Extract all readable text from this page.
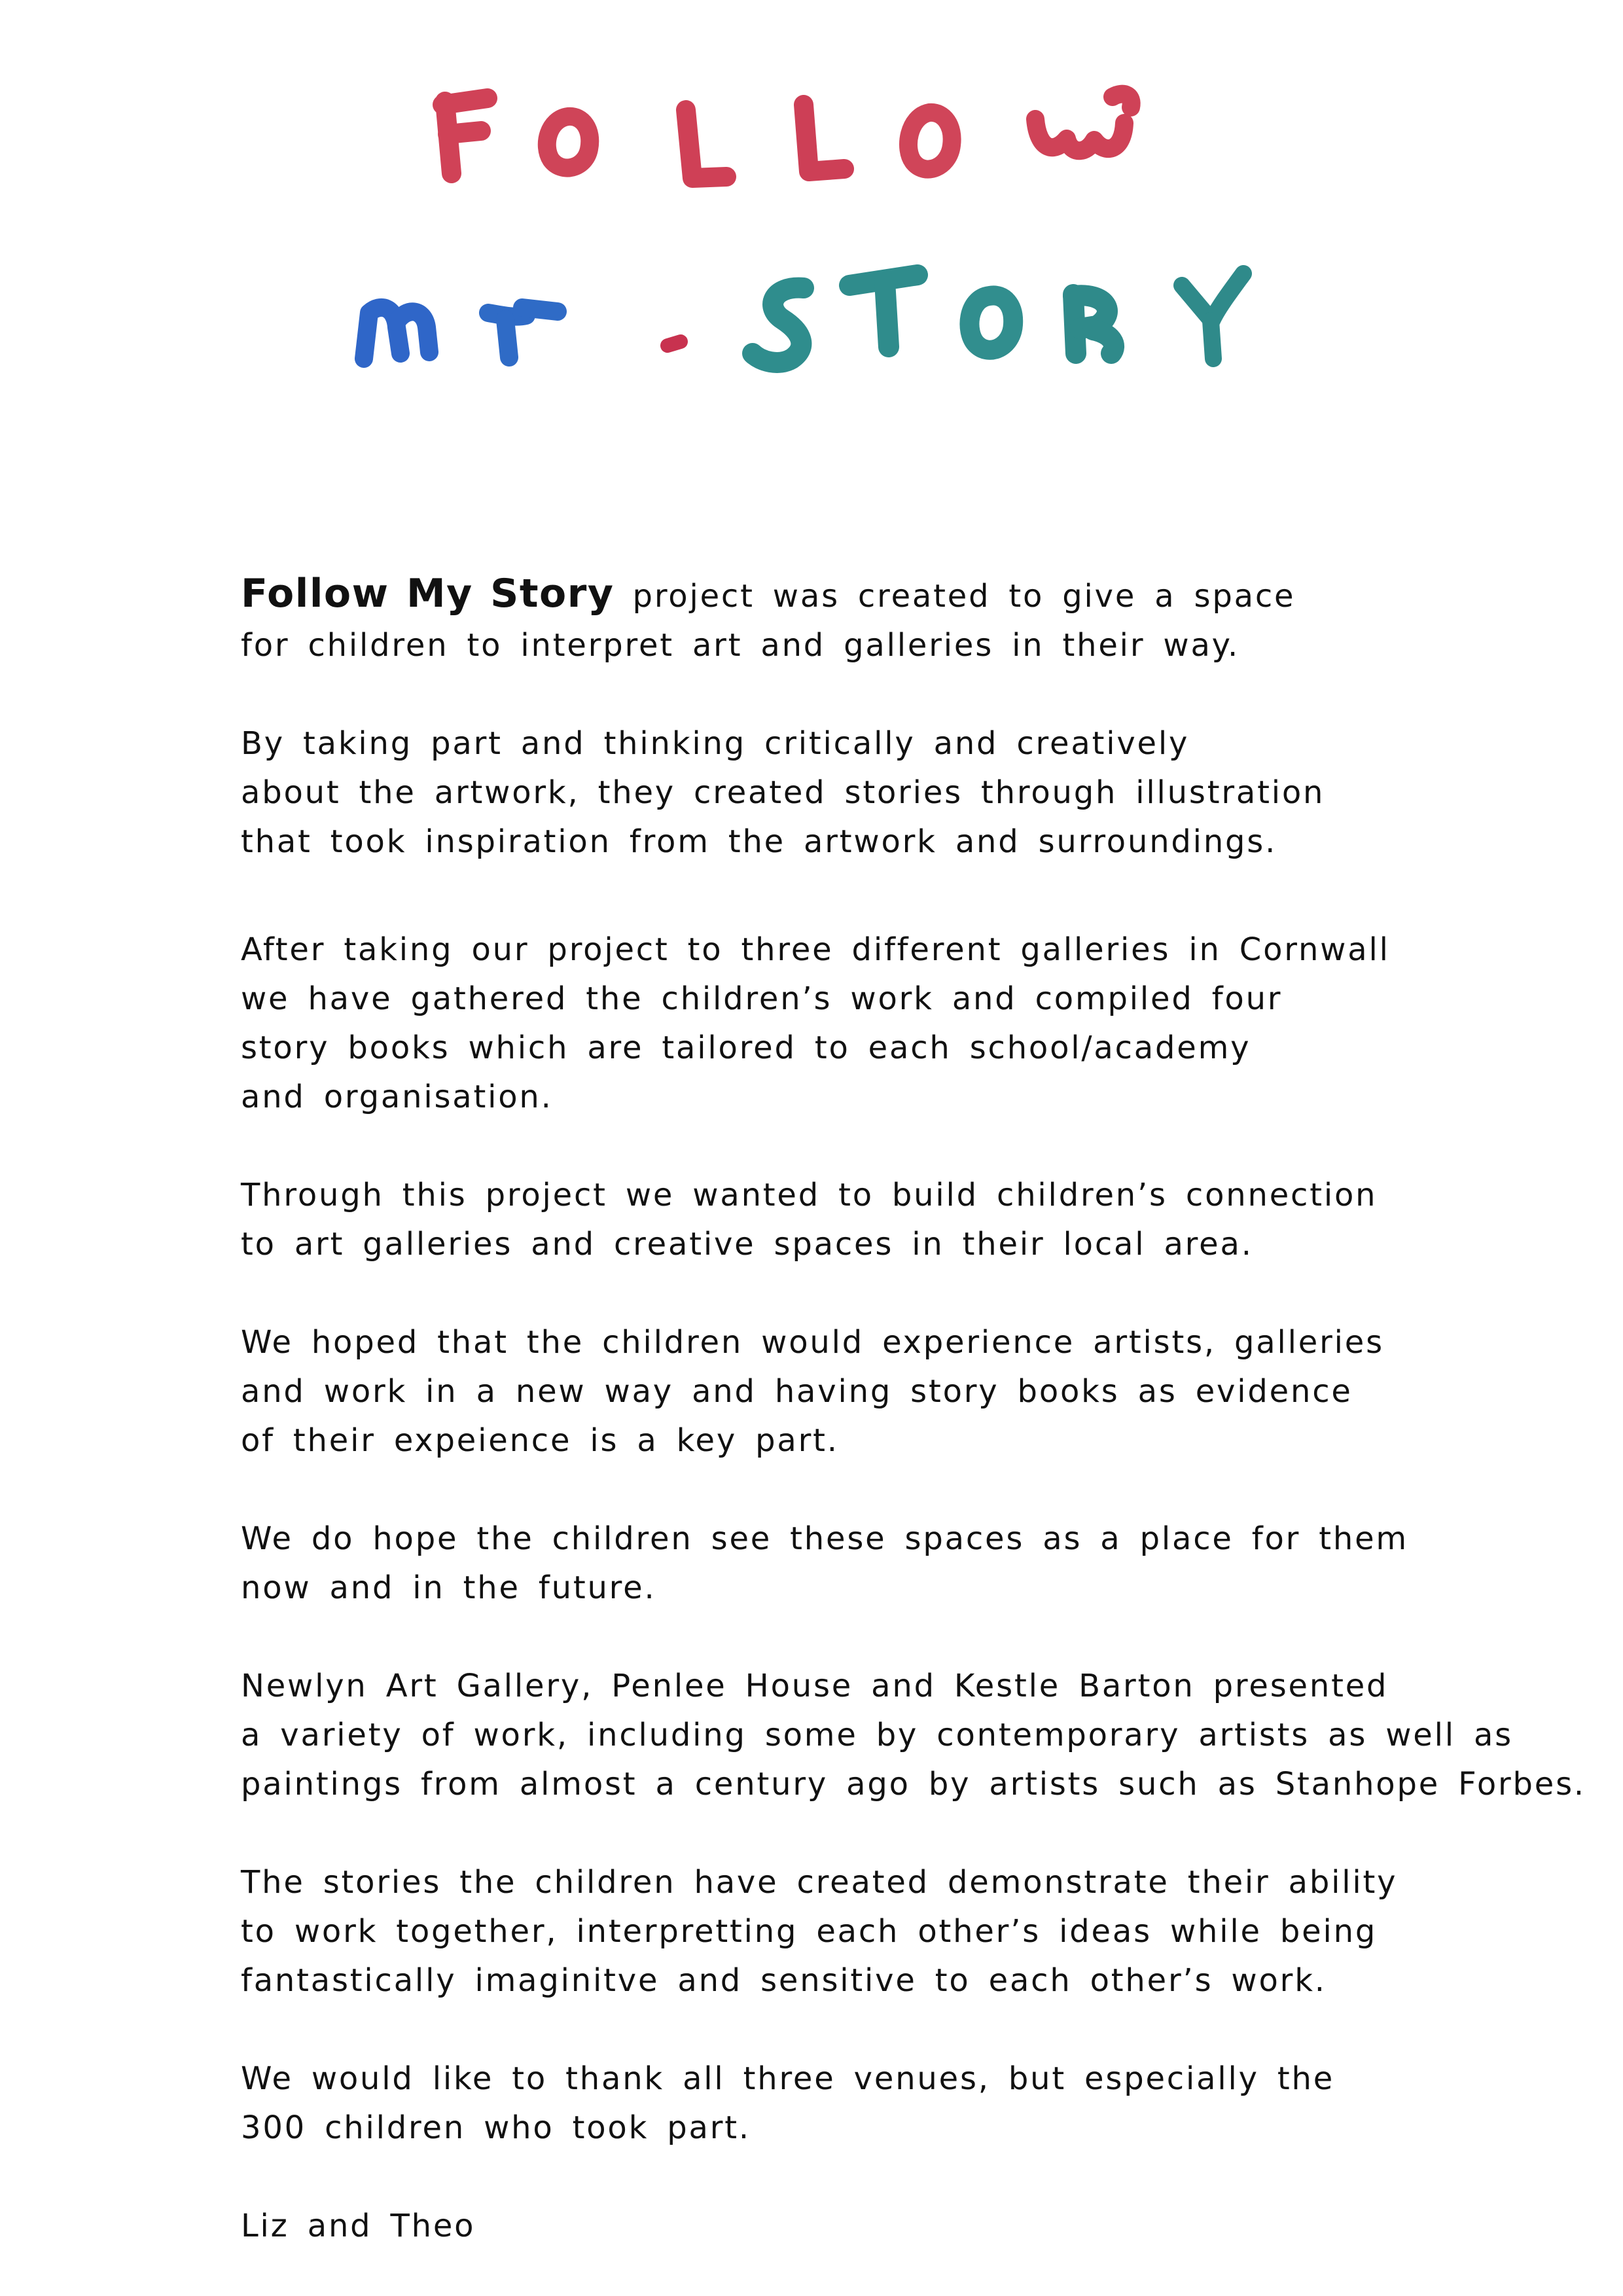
Follow My Story project was created to give a space
for children to interpret art and galleries in their way.

By taking part and thinking critically and creatively
about the artwork, they created stories through illustration
that took inspiration from the artwork and surroundings.

After taking our project to three different galleries in Cornwall
we have gathered the children’s work and compiled four
story books which are tailored to each school/academy
and organisation.

Through this project we wanted to build children’s connection
to art galleries and creative spaces in their local area.

We hoped that the children would experience artists, galleries
and work in a new way and having story books as evidence
of their expeience is a key part.

We do hope the children see these spaces as a place for them
now and in the future.

Newlyn Art Gallery, Penlee House and Kestle Barton presented
a variety of work, including some by contemporary artists as well as
paintings from almost a century ago by artists such as Stanhope Forbes.

The stories the children have created demonstrate their ability
to work together, interpretting each other’s ideas while being
fantastically imaginitve and sensitive to each other’s work.

We would like to thank all three venues, but especially the
300 children who took part.

Liz and Theo
